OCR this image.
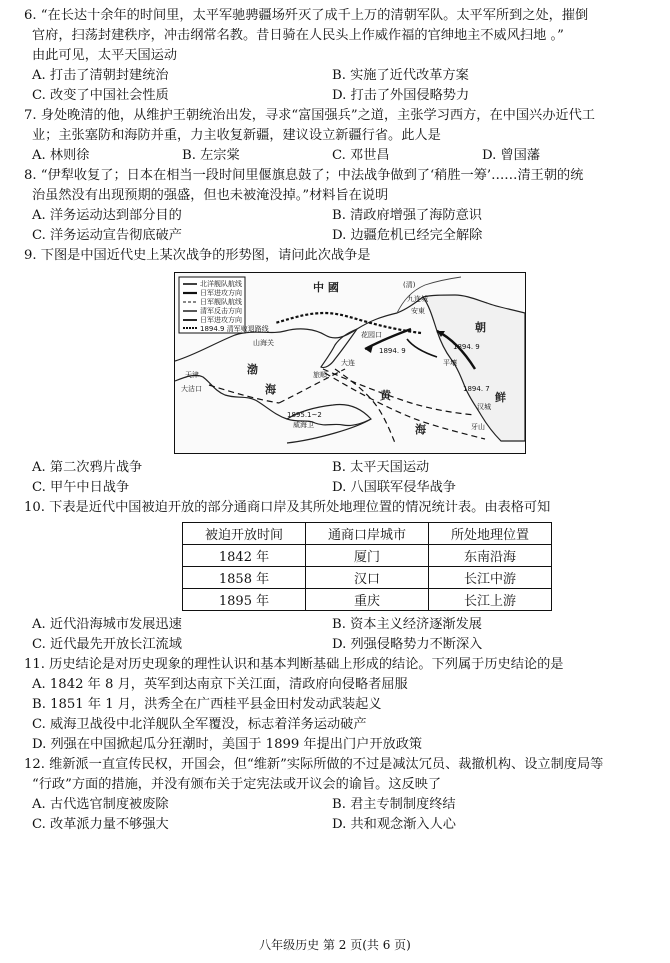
6. “在长达十余年的时间里，太平军驰骋疆场歼灭了成千上万的清朝军队。太平军所到之处，摧倒
官府，扫荡封建秩序，冲击纲常名教。昔日骑在人民头上作威作福的官绅地主不威风扫地 。”
由此可见，太平天国运动
A. 打击了清朝封建统治	B. 实施了近代改革方案
C. 改变了中国社会性质	D. 打击了外国侵略势力
7. 身处晚清的他，从维护王朝统治出发，寻求“富国强兵”之道，主张学习西方，在中国兴办近代工
业；主张塞防和海防并重，力主收复新疆，建议设立新疆行省。此人是
A. 林则徐	B. 左宗棠	C. 邓世昌	D. 曾国藩
8. “伊犁收复了；日本在相当一段时间里偃旗息鼓了；中法战争做到了‘稍胜一筹’……清王朝的统
治虽然没有出现预期的强盛，但也未被淹没掉。”材料旨在说明
A. 洋务运动达到部分目的	B. 清政府增强了海防意识
C. 洋务运动宣告彻底破产	D. 边疆危机已经完全解除
9. 下图是中国近代史上某次战争的形势图，请问此次战争是
北洋舰队航线
日军进攻方向
日军舰队航线
清军反击方向
日军进攻方向
1894.9 清军败退路线
中 國	(清)
山海关
大沽口
天津	旅順
大连
威海卫
花园口
九连城
安東
平壤
汉城
牙山
朝
鲜
渤
海	黄
海
1894. 9	1894. 9
1895.1~2
1894. 7
A. 第二次鸦片战争	B. 太平天国运动
C. 甲午中日战争	D. 八国联军侵华战争
10. 下表是近代中国被迫开放的部分通商口岸及其所处地理位置的情况统计表。由表格可知
被迫开放时间	通商口岸城市	所处地理位置
1842 年	厦门	东南沿海
1858 年	汉口	长江中游
1895 年	重庆	长江上游
A. 近代沿海城市发展迅速	B. 资本主义经济逐渐发展
C. 近代最先开放长江流域	D. 列强侵略势力不断深入
11. 历史结论是对历史现象的理性认识和基本判断基础上形成的结论。下列属于历史结论的是
A. 1842 年 8 月，英军到达南京下关江面，清政府向侵略者屈服
B. 1851 年 1 月，洪秀全在广西桂平县金田村发动武装起义
C. 威海卫战役中北洋舰队全军覆没，标志着洋务运动破产
D. 列强在中国掀起瓜分狂潮时，美国于 1899 年提出门户开放政策
12. 维新派一直宣传民权，开国会，但“维新”实际所做的不过是减汰冗员、裁撤机构、设立制度局等
“行政”方面的措施，并没有颁布关于定宪法或开议会的谕旨。这反映了
A. 古代选官制度被废除	B. 君主专制制度终结
C. 改革派力量不够强大	D. 共和观念渐入人心
八年级历史 第 2 页(共 6 页)
